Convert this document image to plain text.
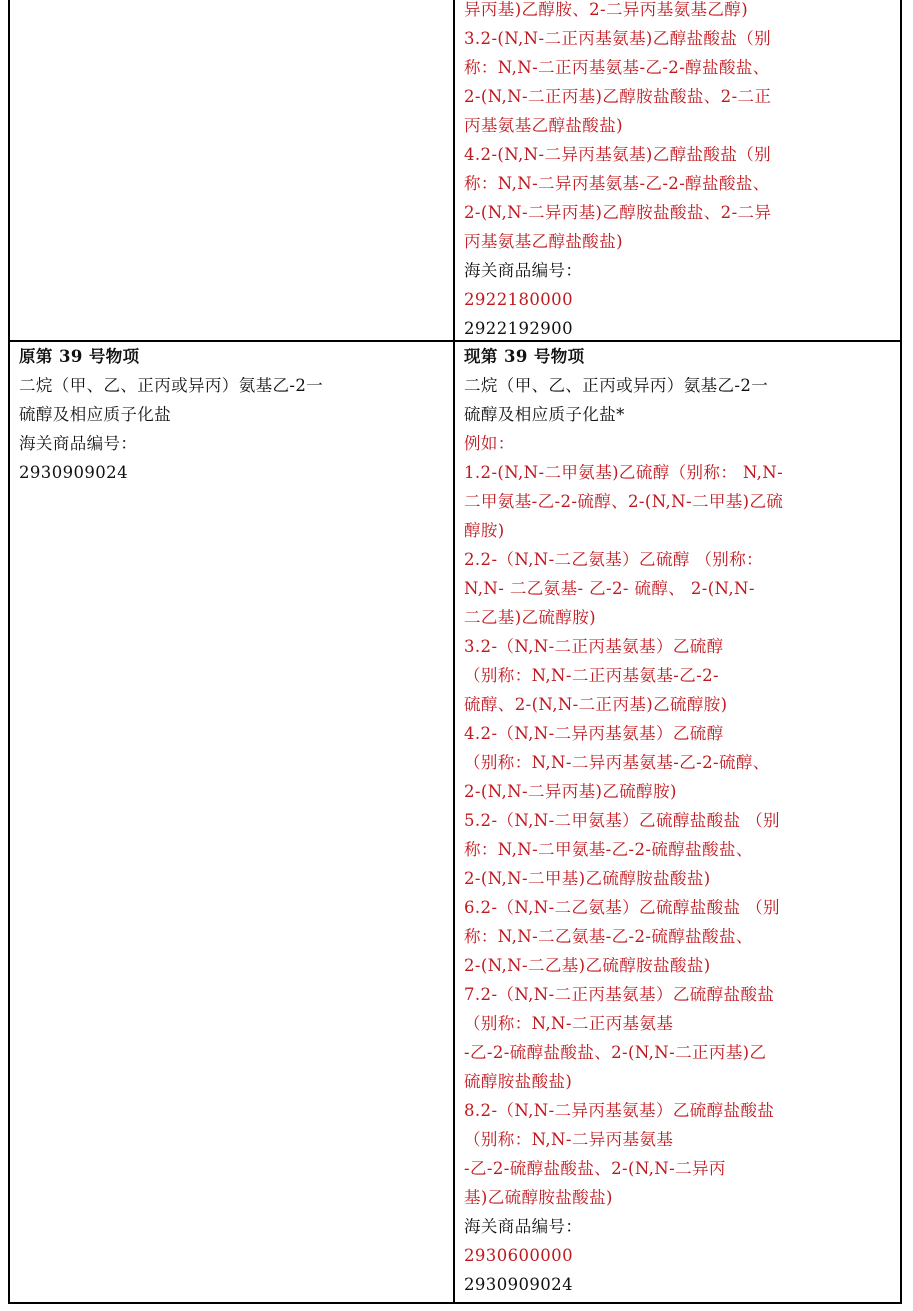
异丙基)乙醇胺、2-二异丙基氨基乙醇)
3.2-(N,N-二正丙基氨基)乙醇盐酸盐（别
称：N,N-二正丙基氨基-乙-2-醇盐酸盐、
2-(N,N-二正丙基)乙醇胺盐酸盐、2-二正
丙基氨基乙醇盐酸盐)
4.2-(N,N-二异丙基氨基)乙醇盐酸盐（别
称：N,N-二异丙基氨基-乙-2-醇盐酸盐、
2-(N,N-二异丙基)乙醇胺盐酸盐、2-二异
丙基氨基乙醇盐酸盐)
海关商品编号：
2922180000
2922192900
原第 39 号物项
二烷（甲、乙、正丙或异丙）氨基乙-2一
硫醇及相应质子化盐
海关商品编号：
2930909024
现第 39 号物项
二烷（甲、乙、正丙或异丙）氨基乙-2一
硫醇及相应质子化盐*
例如：
1.2-(N,N-二甲氨基)乙硫醇（别称： N,N-
二甲氨基-乙-2-硫醇、2-(N,N-二甲基)乙硫
醇胺)
2.2-（N,N-二乙氨基）乙硫醇 （别称：
N,N- 二乙氨基- 乙-2- 硫醇、 2-(N,N-
二乙基)乙硫醇胺)
3.2-（N,N-二正丙基氨基）乙硫醇
（别称：N,N-二正丙基氨基-乙-2-
硫醇、2-(N,N-二正丙基)乙硫醇胺)
4.2-（N,N-二异丙基氨基）乙硫醇
（别称：N,N-二异丙基氨基-乙-2-硫醇、
2-(N,N-二异丙基)乙硫醇胺)
5.2-（N,N-二甲氨基）乙硫醇盐酸盐 （别
称：N,N-二甲氨基-乙-2-硫醇盐酸盐、
2-(N,N-二甲基)乙硫醇胺盐酸盐)
6.2-（N,N-二乙氨基）乙硫醇盐酸盐 （别
称：N,N-二乙氨基-乙-2-硫醇盐酸盐、
2-(N,N-二乙基)乙硫醇胺盐酸盐)
7.2-（N,N-二正丙基氨基）乙硫醇盐酸盐
（别称：N,N-二正丙基氨基
-乙-2-硫醇盐酸盐、2-(N,N-二正丙基)乙
硫醇胺盐酸盐)
8.2-（N,N-二异丙基氨基）乙硫醇盐酸盐
（别称：N,N-二异丙基氨基
-乙-2-硫醇盐酸盐、2-(N,N-二异丙
基)乙硫醇胺盐酸盐)
海关商品编号：
2930600000
2930909024
